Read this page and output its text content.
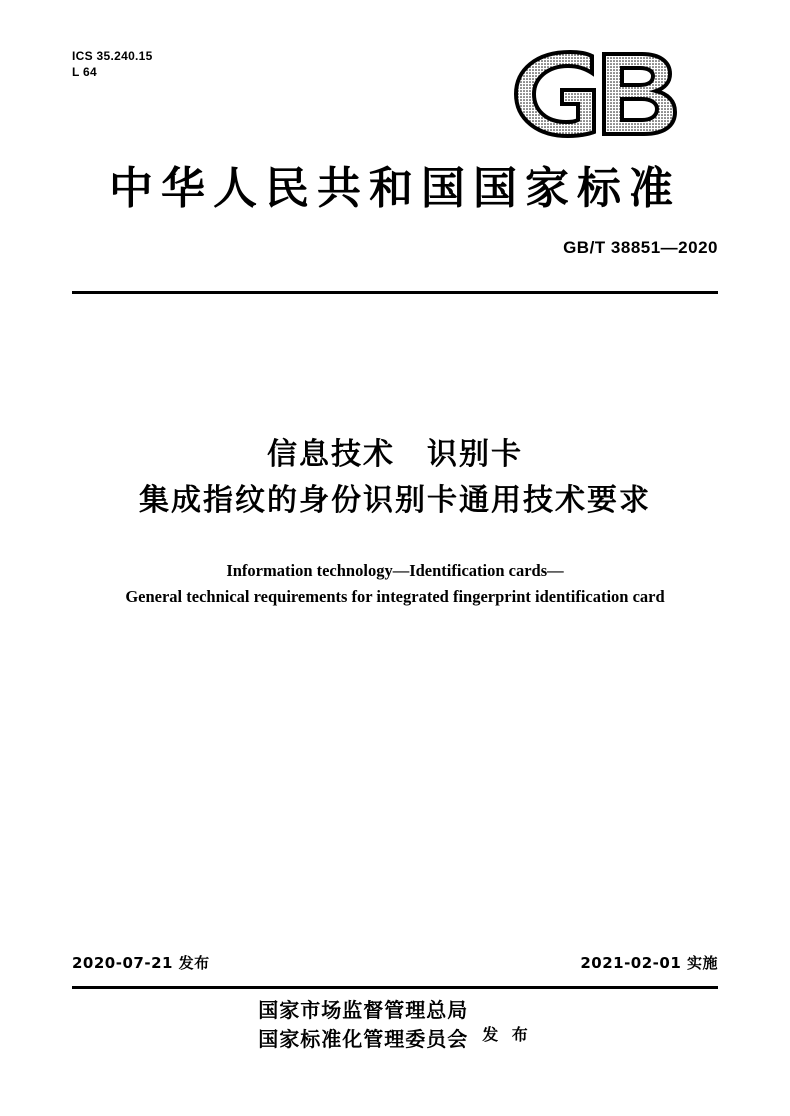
ICS 35.240.15
L 64
中华人民共和国国家标准
GB/T 38851—2020
信息技术　识别卡
集成指纹的身份识别卡通用技术要求
Information technology—Identification cards—
General technical requirements for integrated fingerprint identification card
2020-07-21 发布	2021-02-01 实施
国家市场监督管理总局
国家标准化管理委员会 发 布
